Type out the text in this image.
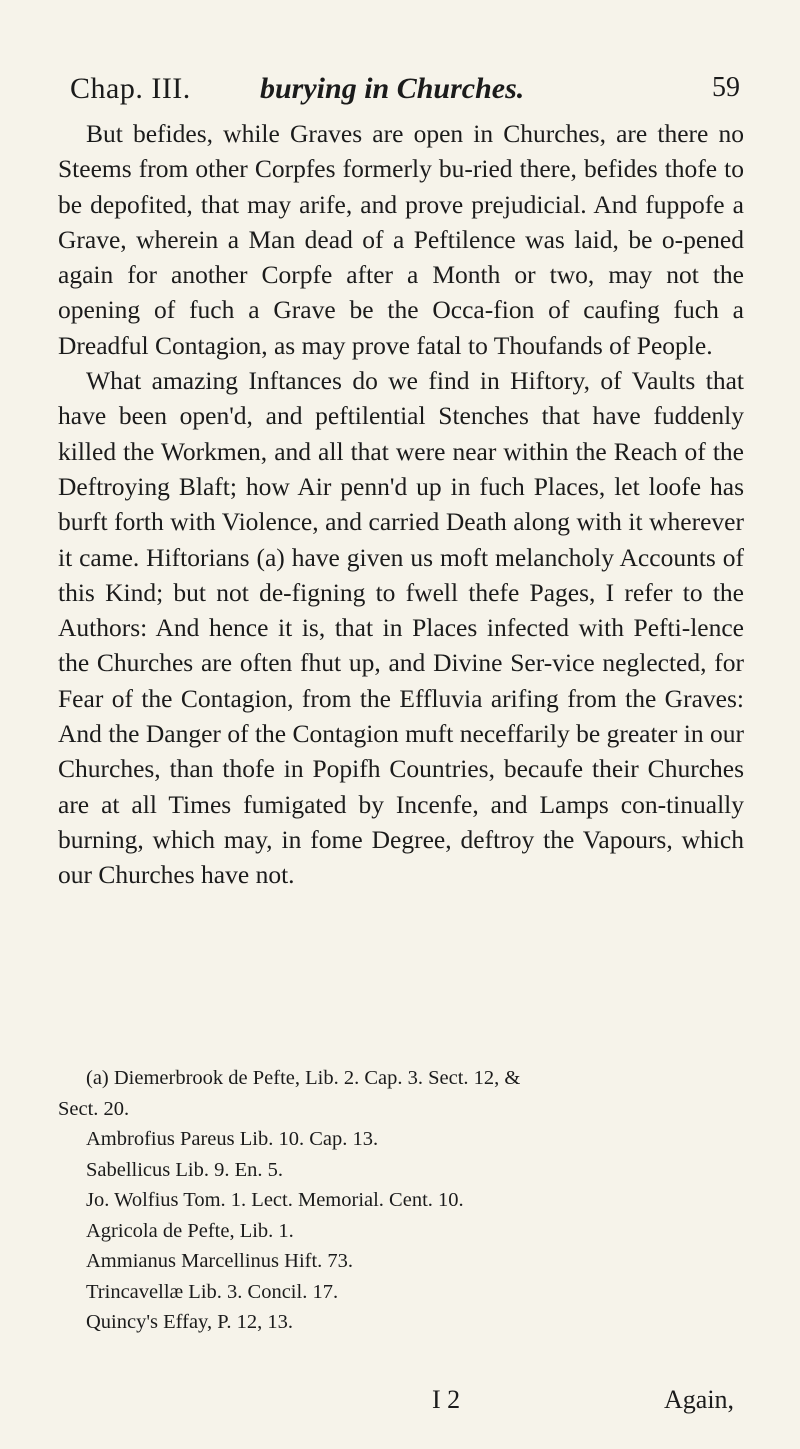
Chap. III. burying in Churches.	59

But befides, while Graves are open in Churches, are there no Steems from other Corpfes formerly bu-ried there, befides thofe to be depofited, that may arife, and prove prejudicial. And fuppofe a Grave, wherein a Man dead of a Peftilence was laid, be o-pened again for another Corpfe after a Month or two, may not the opening of fuch a Grave be the Occa-fion of caufing fuch a Dreadful Contagion, as may prove fatal to Thoufands of People.

What amazing Inftances do we find in Hiftory, of Vaults that have been open'd, and peftilential Stenches that have fuddenly killed the Workmen, and all that were near within the Reach of the Deftroying Blaft; how Air penn'd up in fuch Places, let loofe has burft forth with Violence, and carried Death along with it wherever it came. Hiftorians (a) have given us moft melancholy Accounts of this Kind; but not de-figning to fwell thefe Pages, I refer to the Authors: And hence it is, that in Places infected with Pefti-lence the Churches are often fhut up, and Divine Ser-vice neglected, for Fear of the Contagion, from the Effluvia arifing from the Graves: And the Danger of the Contagion muft neceffarily be greater in our Churches, than thofe in Popifh Countries, becaufe their Churches are at all Times fumigated by Incenfe, and Lamps con-tinually burning, which may, in fome Degree, deftroy the Vapours, which our Churches have not.

(a) Diemerbrook de Pefte, Lib. 2. Cap. 3. Sect. 12, &
Sect. 20.
Ambrofius Pareus Lib. 10. Cap. 13.
Sabellicus Lib. 9. En. 5.
Jo. Wolfius Tom. 1. Lect. Memorial. Cent. 10.
Agricola de Pefte, Lib. 1.
Ammianus Marcellinus Hift. 73.
Trincavellæ Lib. 3. Concil. 17.
Quincy's Effay, P. 12, 13.
I 2	Again,
